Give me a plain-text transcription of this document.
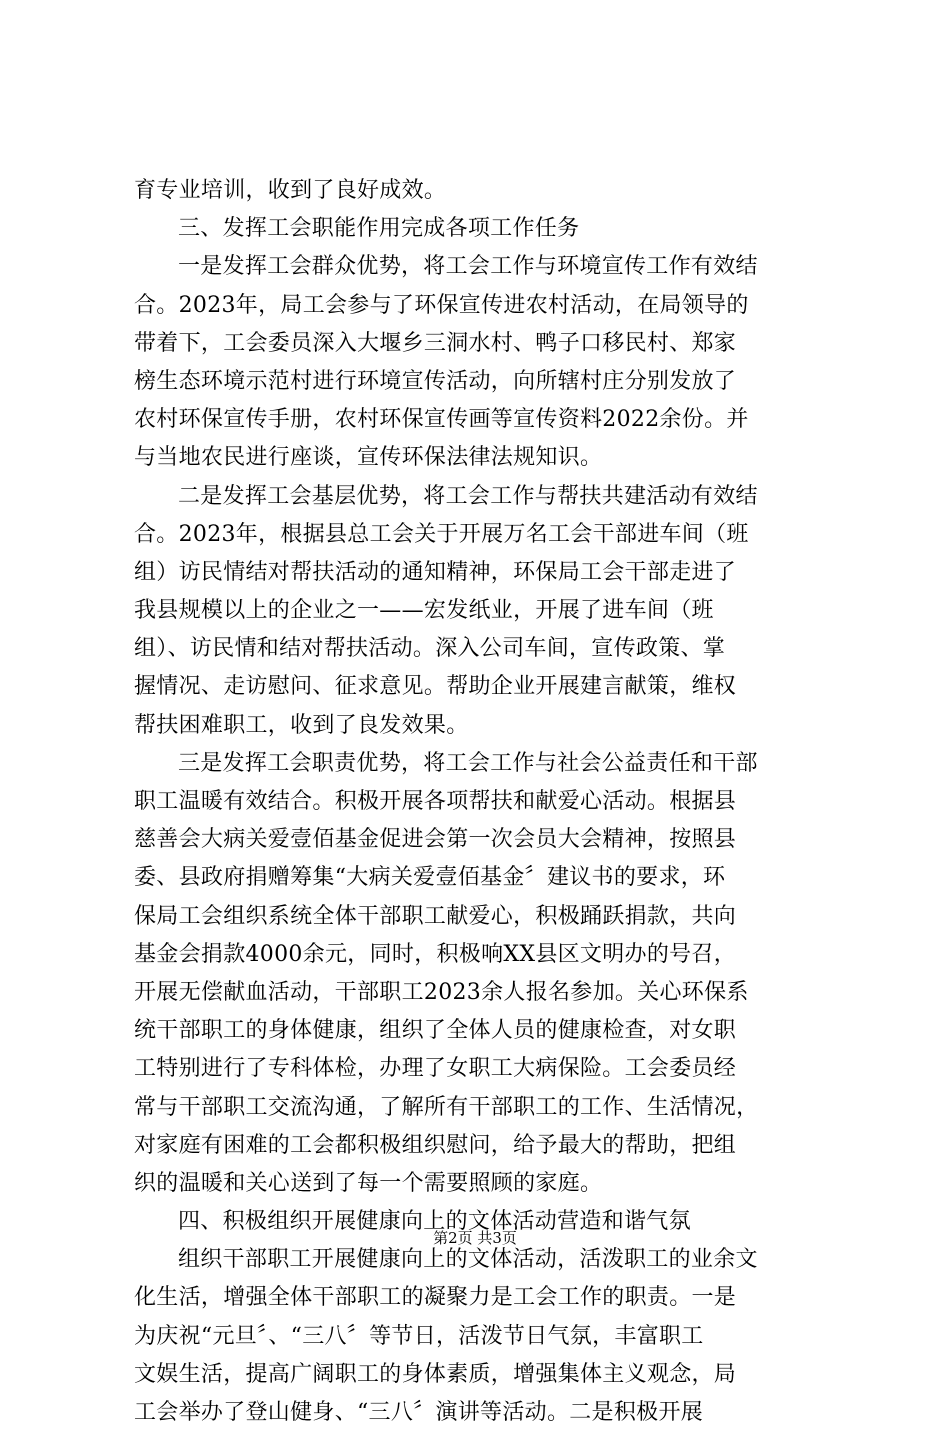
育专业培训，收到了良好成效。
三、发挥工会职能作用完成各项工作任务
一是发挥工会群众优势，将工会工作与环境宣传工作有效结
合。2023年，局工会参与了环保宣传进农村活动，在局领导的
带着下，工会委员深入大堰乡三洞水村、鸭子口移民村、郑家
榜生态环境示范村进行环境宣传活动，向所辖村庄分别发放了
农村环保宣传手册，农村环保宣传画等宣传资料2022余份。并
与当地农民进行座谈，宣传环保法律法规知识。
二是发挥工会基层优势，将工会工作与帮扶共建活动有效结
合。2023年，根据县总工会关于开展万名工会干部进车间（班
组）访民情结对帮扶活动的通知精神，环保局工会干部走进了
我县规模以上的企业之一——宏发纸业，开展了进车间（班
组）、访民情和结对帮扶活动。深入公司车间，宣传政策、掌
握情况、走访慰问、征求意见。帮助企业开展建言献策，维权
帮扶困难职工，收到了良发效果。
三是发挥工会职责优势，将工会工作与社会公益责任和干部
职工温暖有效结合。积极开展各项帮扶和献爱心活动。根据县
慈善会大病关爱壹佰基金促进会第一次会员大会精神，按照县
委、县政府捐赠筹集“大病关爱壹佰基金〞建议书的要求，环
保局工会组织系统全体干部职工献爱心，积极踊跃捐款，共向
基金会捐款4000余元，同时，积极响XX县区文明办的号召，
开展无偿献血活动，干部职工2023余人报名参加。关心环保系
统干部职工的身体健康，组织了全体人员的健康检查，对女职
工特别进行了专科体检，办理了女职工大病保险。工会委员经
常与干部职工交流沟通，了解所有干部职工的工作、生活情况，
对家庭有困难的工会都积极组织慰问，给予最大的帮助，把组
织的温暖和关心送到了每一个需要照顾的家庭。
四、积极组织开展健康向上的文体活动营造和谐气氛
组织干部职工开展健康向上的文体活动，活泼职工的业余文
化生活，增强全体干部职工的凝聚力是工会工作的职责。一是
为庆祝“元旦〞、“三八〞等节日，活泼节日气氛，丰富职工
文娱生活，提高广阔职工的身体素质，增强集体主义观念，局
工会举办了登山健身、“三八〞演讲等活动。二是积极开展
第2页 共3页
